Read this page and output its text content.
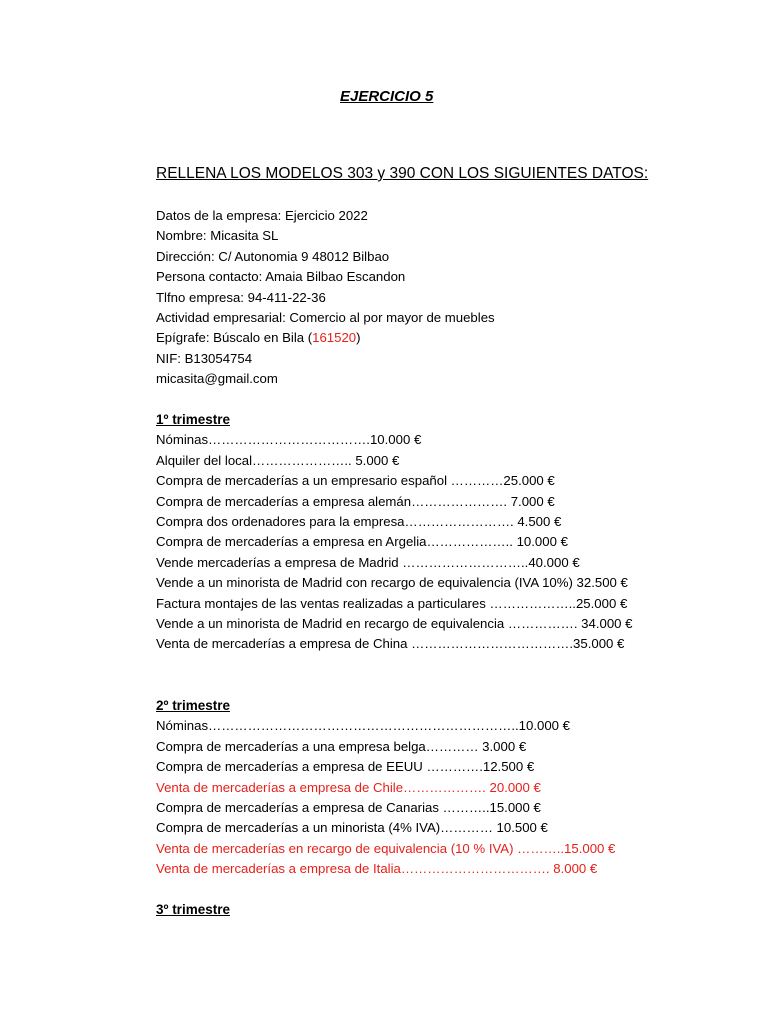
EJERCICIO 5
RELLENA LOS MODELOS 303 y 390 CON LOS SIGUIENTES DATOS:
Datos de la empresa: Ejercicio 2022
Nombre: Micasita SL
Dirección: C/ Autonomia 9 48012 Bilbao
Persona contacto: Amaia Bilbao Escandon
Tlfno empresa: 94-411-22-36
Actividad empresarial: Comercio al por mayor de muebles
Epígrafe: Búscalo en Bila (161520)
NIF: B13054754
micasita@gmail.com
1º trimestre
Nóminas……………………………….10.000 €
Alquiler del local………………….. 5.000 €
Compra de mercaderías a un empresario español …………25.000 €
Compra de mercaderías a empresa alemán…………………. 7.000 €
Compra dos ordenadores para la empresa……………………. 4.500 €
Compra de mercaderías a empresa en Argelia……………….. 10.000 €
Vende mercaderías a empresa de Madrid ………………………..40.000 €
Vende a un minorista de Madrid con recargo de equivalencia (IVA 10%) 32.500 €
Factura montajes de las ventas realizadas a particulares ………………..25.000 €
Vende a un minorista de Madrid en recargo de equivalencia ……………. 34.000 €
Venta de mercaderías a empresa de China ……………………………….35.000 €
2º trimestre
Nóminas……………………………………………………………..10.000 €
Compra de mercaderías a una empresa belga………… 3.000 €
Compra de mercaderías a empresa de EEUU ………….12.500 €
Venta de mercaderías a empresa de Chile………………. 20.000 €
Compra de mercaderías a empresa de Canarias ………..15.000 €
Compra de mercaderías a un minorista (4% IVA)………… 10.500 €
Venta de mercaderías en recargo de equivalencia (10 % IVA) ………..15.000 €
Venta de mercaderías a empresa de Italia……………………………. 8.000 €
3º trimestre
